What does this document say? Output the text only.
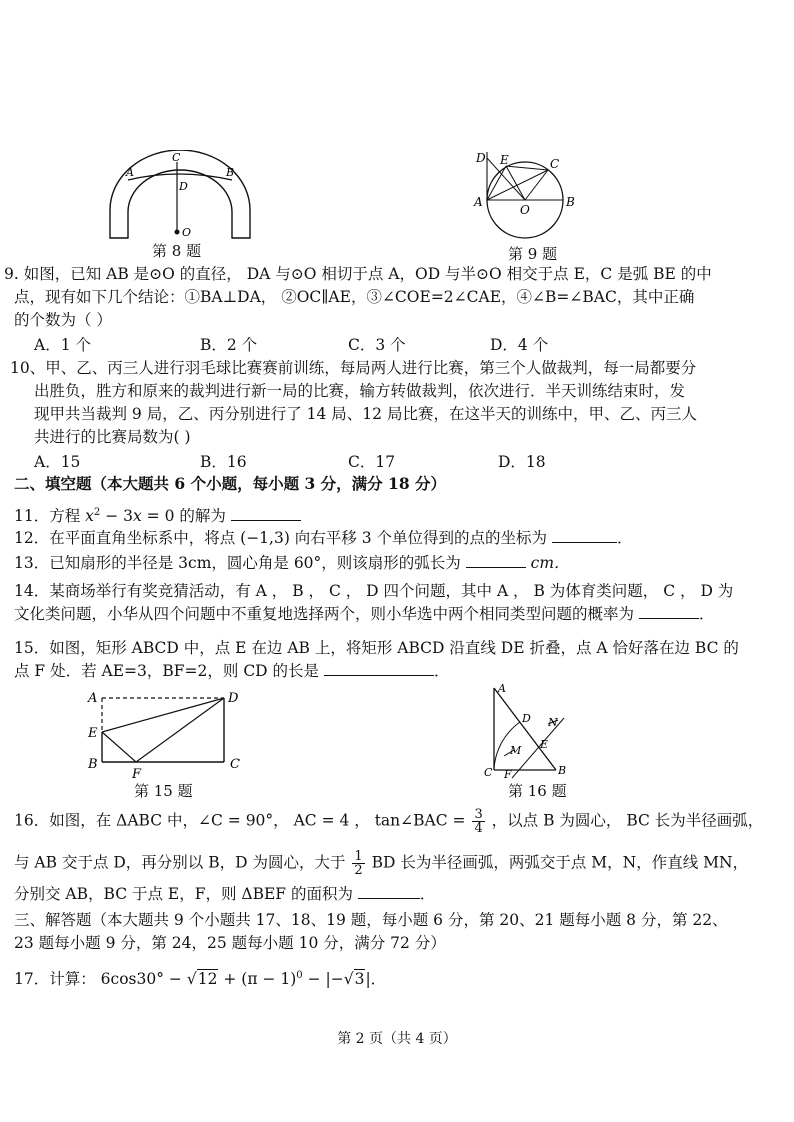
C
A	B
D
O
第 8 题
D E	C
A	B
O
第 9 题
9. 如图，已知 AB 是⊙O 的直径， DA 与⊙O 相切于点 A，OD 与半⊙O 相交于点 E，C 是弧 BE 的中
点，现有如下几个结论：①BA⊥DA， ②OC∥AE，③∠COE=2∠CAE，④∠B=∠BAC，其中正确
的个数为（ ）
A．1 个	B．2 个	C．3 个	D．4 个
10、甲、乙、丙三人进行羽毛球比赛赛前训练，每局两人进行比赛，第三个人做裁判，每一局都要分
出胜负，胜方和原来的裁判进行新一局的比赛，输方转做裁判，依次进行．半天训练结束时，发
现甲共当裁判 9 局，乙、丙分别进行了 14 局、12 局比赛，在这半天的训练中，甲、乙、丙三人
共进行的比赛局数为( )
A．15	B．16	C．17	D．18
二、填空题（本大题共 6 个小题，每小题 3 分，满分 18 分）
11．方程 $x^2 - 3x = 0$ 的解为
12．在平面直角坐标系中，将点 (−1,3) 向右平移 3 个单位得到的点的坐标为	．
13．已知扇形的半径是 3cm，圆心角是 60°，则该扇形的弧长为	cm．
14．某商场举行有奖竞猜活动，有 A ， B ， C ， D 四个问题，其中 A ， B 为体育类问题， C ， D 为
文化类问题，小华从四个问题中不重复地选择两个，则小华选中两个相同类型问题的概率为	．
15．如图，矩形 ABCD 中，点 E 在边 AB 上，将矩形 ABCD 沿直线 DE 折叠，点 A 恰好落在边 BC 的
点 F 处．若 AE=3，BF=2，则 CD 的长是	．
A	D
E
B	C
F
第 15 题
A
D N
M E
C F	B
第 16 题
16．如图，在 ΔABC 中，∠C = 90°， AC = 4 ， tan∠BAC = $\frac{3}{4}$ ，以点 B 为圆心， BC 长为半径画弧，
与 AB 交于点 D，再分别以 B，D 为圆心，大于 $\frac{1}{2}$ BD 长为半径画弧，两弧交于点 M，N，作直线 MN，
分别交 AB，BC 于点 E，F，则 ΔBEF 的面积为	．
三、解答题（本大题共 9 个小题共 17、18、19 题，每小题 6 分，第 20、21 题每小题 8 分，第 22、
23 题每小题 9 分，第 24，25 题每小题 10 分，满分 72 分）
17．计算： $6\cos 30^\circ - √12 + (\pi - 1)^0 - |-√3|$．
第 2 页（共 4 页）
